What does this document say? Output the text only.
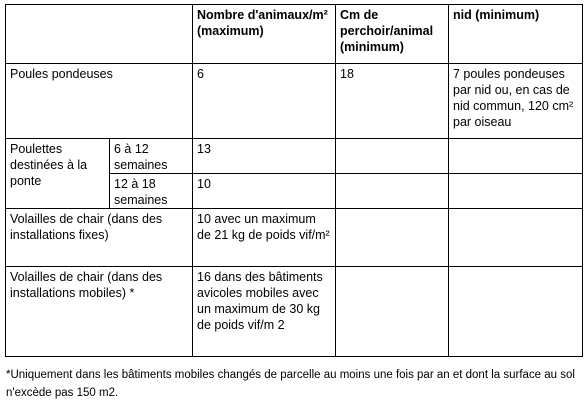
		Nombre d'animaux/m² (maximum)	Cm de perchoir/animal (minimum)	nid (minimum)
Poules pondeuses		6	18	7 poules pondeuses par nid ou, en cas de nid commun, 120 cm² par oiseau
Poulettes destinées à la ponte	6 à 12 semaines	13		
	12 à 18 semaines	10		
Volailles de chair (dans des installations fixes)		10 avec un maximum de 21 kg de poids vif/m²		
Volailles de chair (dans des installations mobiles) *		16 dans des bâtiments avicoles mobiles avec un maximum de 30 kg de poids vif/m 2		
*Uniquement dans les bâtiments mobiles changés de parcelle au moins une fois par an et dont la surface au sol n'excède pas 150 m2.
